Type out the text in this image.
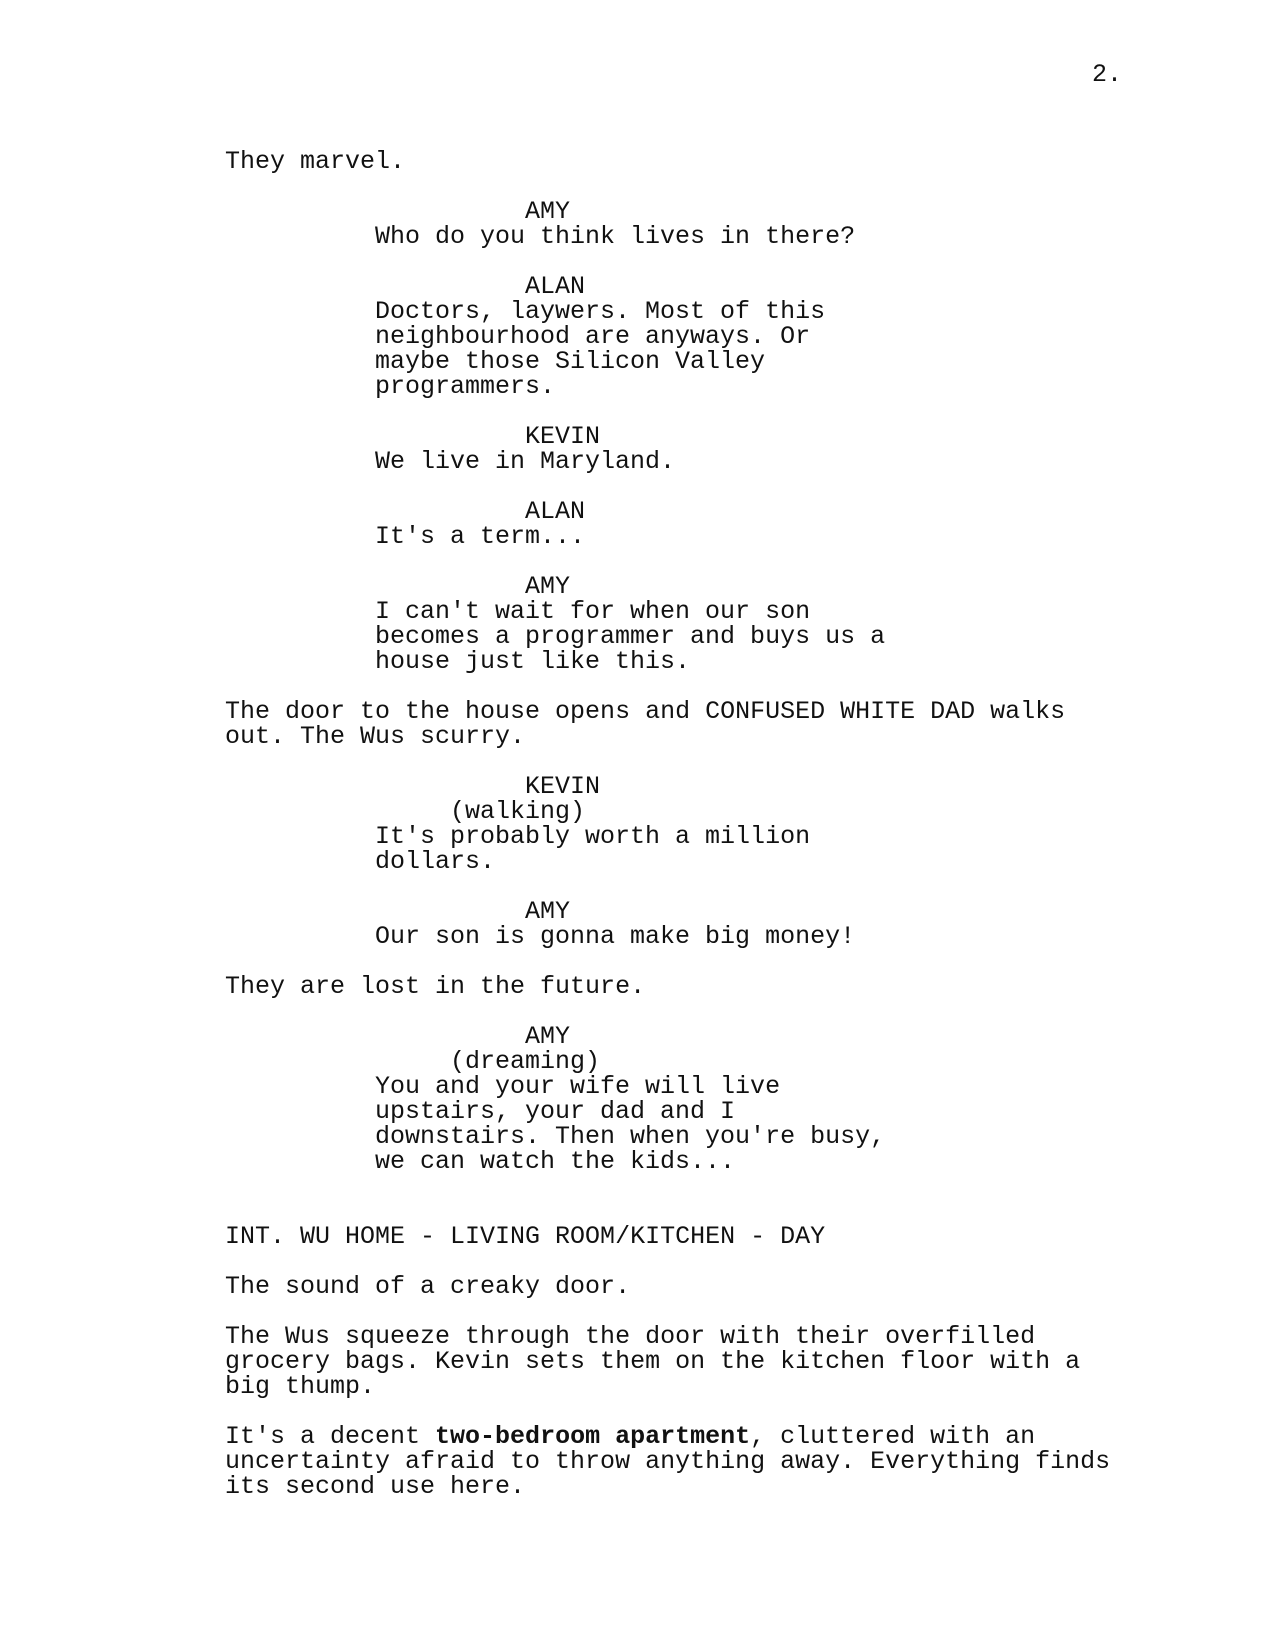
2.
They marvel.
AMY
Who do you think lives in there?
ALAN
Doctors, laywers. Most of this
neighbourhood are anyways. Or
maybe those Silicon Valley
programmers.
KEVIN
We live in Maryland.
ALAN
It's a term...
AMY
I can't wait for when our son
becomes a programmer and buys us a
house just like this.
The door to the house opens and CONFUSED WHITE DAD walks
out. The Wus scurry.
KEVIN
(walking)
It's probably worth a million
dollars.
AMY
Our son is gonna make big money!
They are lost in the future.
AMY
(dreaming)
You and your wife will live
upstairs, your dad and I
downstairs. Then when you're busy,
we can watch the kids...
INT. WU HOME - LIVING ROOM/KITCHEN - DAY
The sound of a creaky door.
The Wus squeeze through the door with their overfilled
grocery bags. Kevin sets them on the kitchen floor with a
big thump.
It's a decent two-bedroom apartment, cluttered with an
uncertainty afraid to throw anything away. Everything finds
its second use here.
